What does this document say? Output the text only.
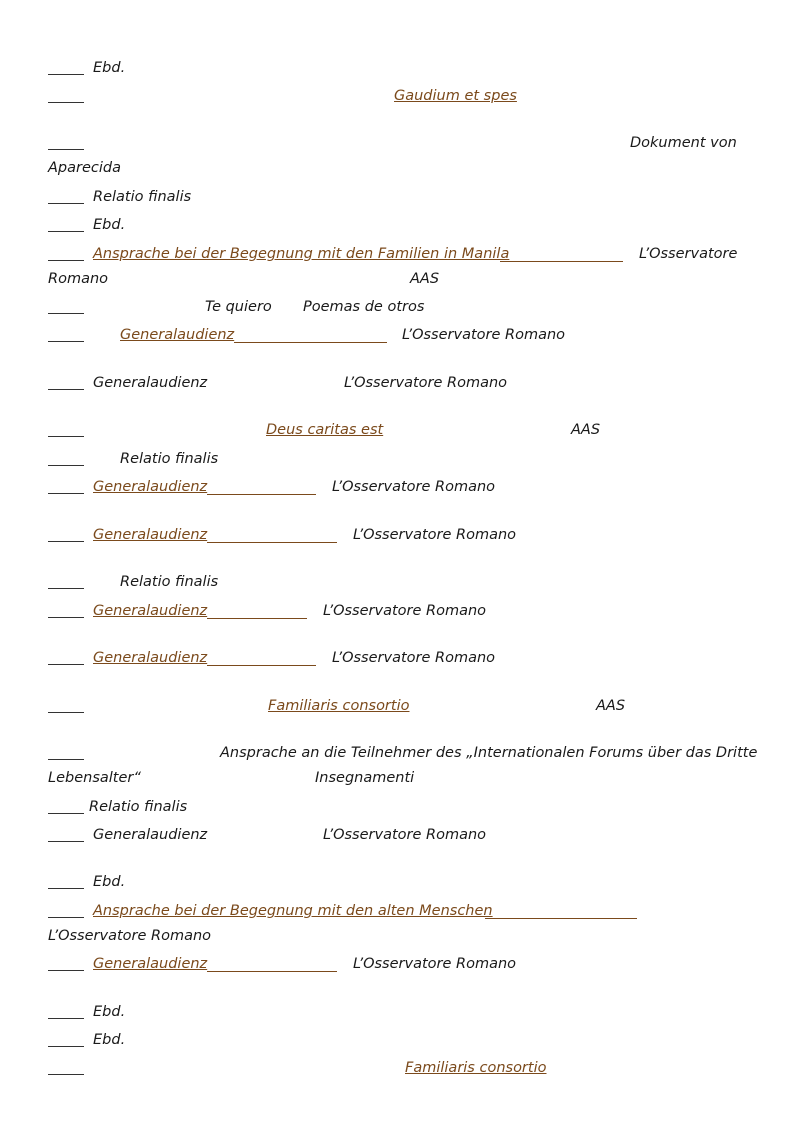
Ebd.
Gaudium et spes
Dokument von
Aparecida
Relatio finalis
Ebd.
Ansprache bei der Begegnung mit den Familien in Manila	L’Osservatore
Romano	AAS
Te quiero Poemas de otros
Generalaudienz	L’Osservatore Romano
Generalaudienz	L’Osservatore Romano
Deus caritas est	AAS
Relatio finalis
Generalaudienz	L’Osservatore Romano
Generalaudienz	L’Osservatore Romano
Relatio finalis
Generalaudienz	L’Osservatore Romano
Generalaudienz	L’Osservatore Romano
Familiaris consortio	AAS
Ansprache an die Teilnehmer des „Internationalen Forums über das Dritte
Lebensalter“	Insegnamenti
Relatio finalis
Generalaudienz	L’Osservatore Romano
Ebd.
Ansprache bei der Begegnung mit den alten Menschen
L’Osservatore Romano
Generalaudienz	L’Osservatore Romano
Ebd.
Ebd.
Familiaris consortio
